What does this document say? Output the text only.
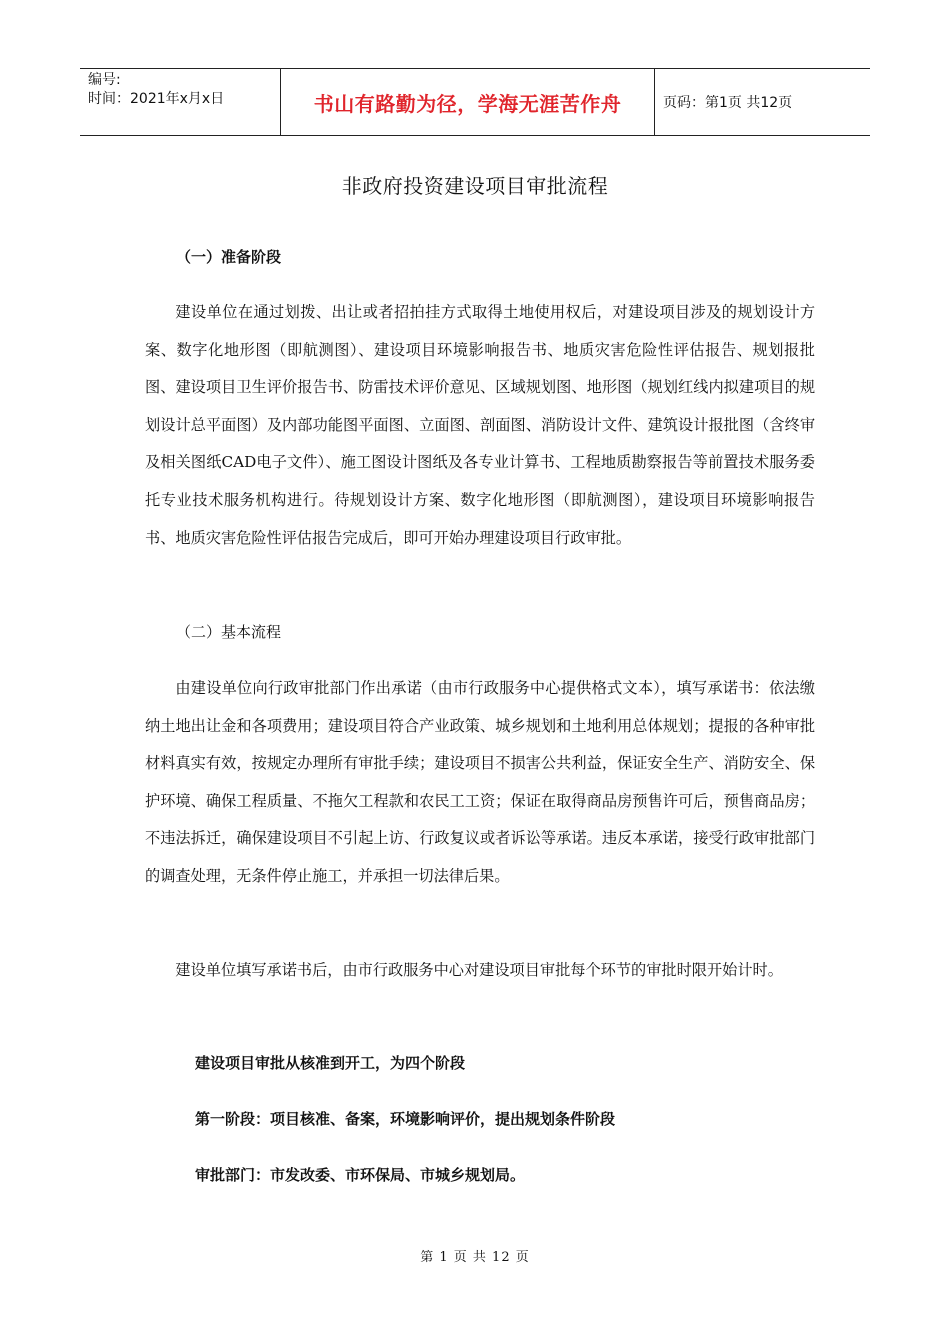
编号:
时间：2021年x月x日	书山有路勤为径，学海无涯苦作舟	页码：第1页 共12页
非政府投资建设项目审批流程
（一）准备阶段
建设单位在通过划拨、出让或者招拍挂方式取得土地使用权后，对建设项目涉及的规划设计方案、数字化地形图（即航测图）、建设项目环境影响报告书、地质灾害危险性评估报告、规划报批图、建设项目卫生评价报告书、防雷技术评价意见、区域规划图、地形图（规划红线内拟建项目的规划设计总平面图）及内部功能图平面图、立面图、剖面图、消防设计文件、建筑设计报批图（含终审及相关图纸CAD电子文件）、施工图设计图纸及各专业计算书、工程地质勘察报告等前置技术服务委托专业技术服务机构进行。待规划设计方案、数字化地形图（即航测图），建设项目环境影响报告书、地质灾害危险性评估报告完成后，即可开始办理建设项目行政审批。
（二）基本流程
由建设单位向行政审批部门作出承诺（由市行政服务中心提供格式文本），填写承诺书：依法缴纳土地出让金和各项费用；建设项目符合产业政策、城乡规划和土地利用总体规划；提报的各种审批材料真实有效，按规定办理所有审批手续；建设项目不损害公共利益，保证安全生产、消防安全、保护环境、确保工程质量、不拖欠工程款和农民工工资；保证在取得商品房预售许可后，预售商品房；不违法拆迁，确保建设项目不引起上访、行政复议或者诉讼等承诺。违反本承诺，接受行政审批部门的调查处理，无条件停止施工，并承担一切法律后果。
建设单位填写承诺书后，由市行政服务中心对建设项目审批每个环节的审批时限开始计时。
建设项目审批从核准到开工，为四个阶段
第一阶段：项目核准、备案，环境影响评价，提出规划条件阶段
审批部门：市发改委、市环保局、市城乡规划局。
第 1 页 共 12 页
